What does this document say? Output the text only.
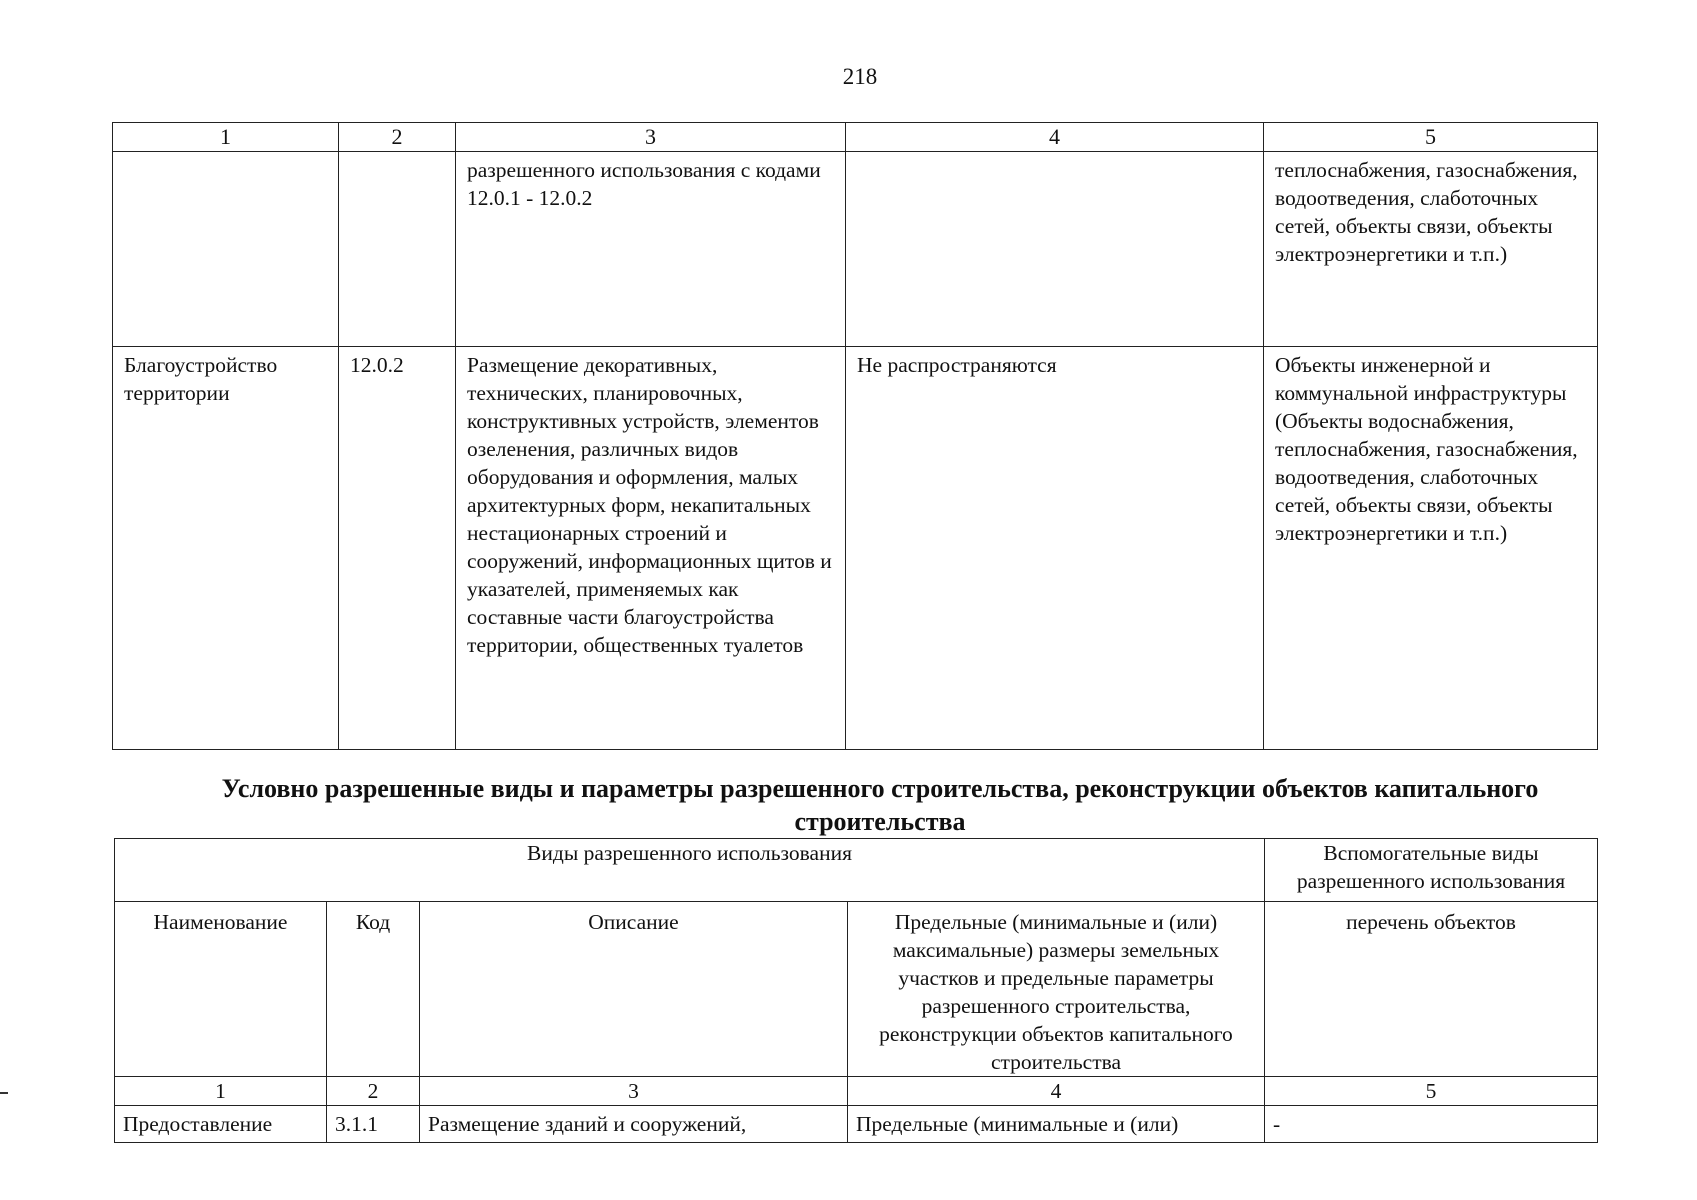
218
1	2	3	4	5
		разрешенного использования с кодами 12.0.1 - 12.0.2		теплоснабжения, газоснабжения, водоотведения, слаботочных сетей, объекты связи, объекты электроэнергетики и т.п.)
Благоустройство территории	12.0.2	Размещение декоративных, технических, планировочных, конструктивных устройств, элементов озеленения, различных видов оборудования и оформления, малых архитектурных форм, некапитальных нестационарных строений и сооружений, информационных щитов и указателей, применяемых как составные части благоустройства территории, общественных туалетов	Не распространяются	Объекты инженерной и коммунальной инфраструктуры (Объекты водоснабжения, теплоснабжения, газоснабжения, водоотведения, слаботочных сетей, объекты связи, объекты электроэнергетики и т.п.)
Условно разрешенные виды и параметры разрешенного строительства, реконструкции объектов капитального строительства
Виды разрешенного использования				Вспомогательные виды разрешенного использования
Наименование	Код	Описание	Предельные (минимальные и (или) максимальные) размеры земельных участков и предельные параметры разрешенного строительства, реконструкции объектов капитального строительства	перечень объектов
1	2	3	4	5
Предоставление	3.1.1	Размещение зданий и сооружений,	Предельные (минимальные и (или)	-
